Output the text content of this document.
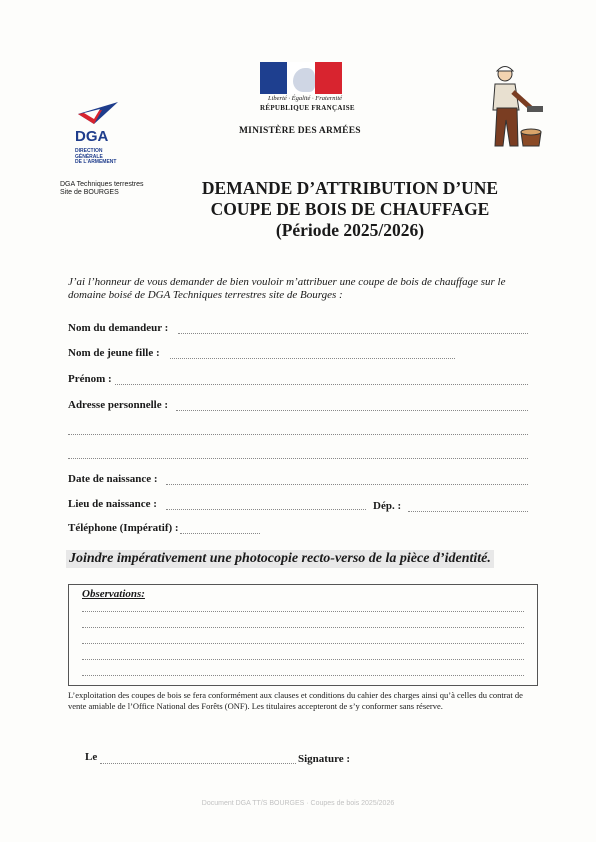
Liberté · Égalité · Fraternité
RÉPUBLIQUE FRANÇAISE
MINISTÈRE DES ARMÉES
DGA
DIRECTION
GÉNÉRALE
DE L'ARMEMENT
DGA Techniques terrestres
Site de BOURGES	DEMANDE D’ATTRIBUTION D’UNE
COUPE DE BOIS DE CHAUFFAGE
(Période 2025/2026)
J’ai l’honneur de vous demander de bien vouloir m’attribuer une coupe de bois de chauffage sur le domaine boisé de DGA Techniques terrestres site de Bourges :
Nom du demandeur :
Nom de jeune fille :
Prénom :
Adresse personnelle :
Date de naissance :
Lieu de naissance :	Dép. :
Téléphone (Impératif) :
Joindre impérativement une photocopie recto-verso de la pièce d’identité.
Observations:
L’exploitation des coupes de bois se fera conformément aux clauses et conditions du cahier des charges ainsi qu’à celles du contrat de vente amiable de l’Office National des Forêts (ONF). Les titulaires accepteront de s’y conformer sans réserve.
Le	Signature :
Document DGA TT/S BOURGES · Coupes de bois 2025/2026
